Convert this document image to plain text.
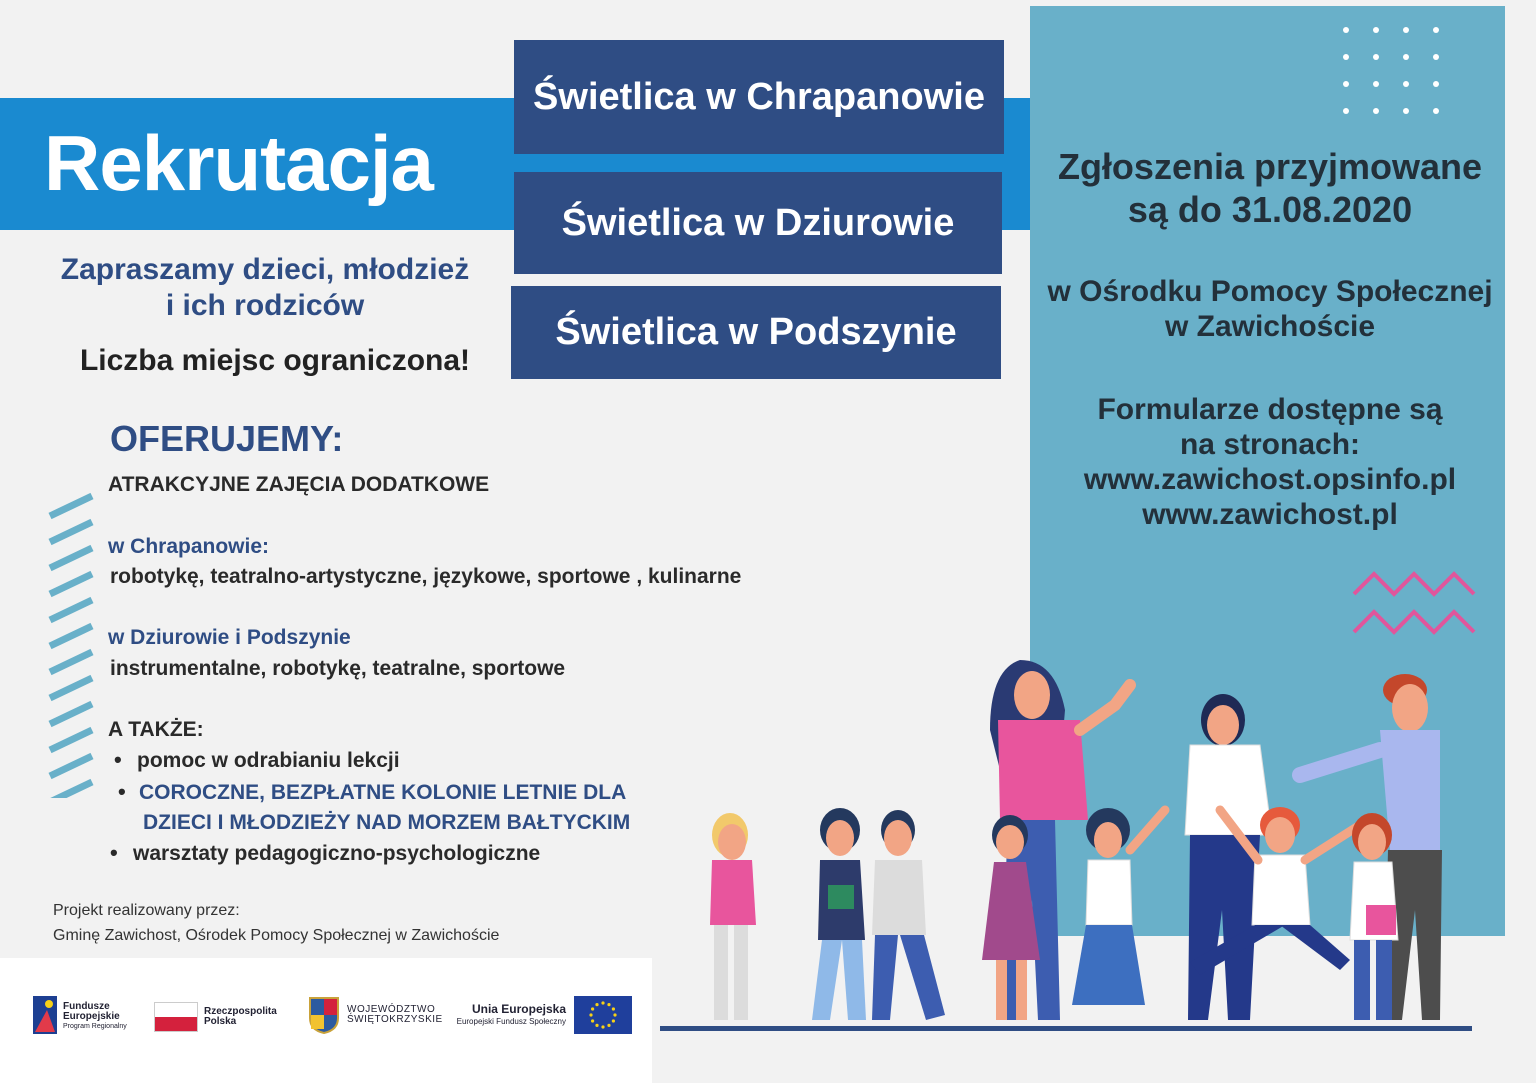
Rekrutacja
Świetlica w Chrapanowie
Świetlica w Dziurowie
Świetlica w Podszynie
Zgłoszenia przyjmowane
są do 31.08.2020
w Ośrodku Pomocy Społecznej
w Zawichoście
Formularze dostępne są
na stronach:
www.zawichost.opsinfo.pl
www.zawichost.pl
Zapraszamy dzieci, młodzież
i ich rodziców
Liczba miejsc ograniczona!
OFERUJEMY:
ATRAKCYJNE ZAJĘCIA DODATKOWE
w Chrapanowie:
robotykę, teatralno-artystyczne, językowe, sportowe , kulinarne
w Dziurowie i Podszynie
instrumentalne, robotykę, teatralne, sportowe
A TAKŻE:
• pomoc w odrabianiu lekcji
• COROCZNE, BEZPŁATNE KOLONIE LETNIE DLA
DZIECI I MŁODZIEŻY NAD MORZEM BAŁTYCKIM
• warsztaty pedagogiczno-psychologiczne
Projekt realizowany przez:
Gminę Zawichost, Ośrodek Pomocy Społecznej w Zawichoście
Fundusze
Europejskie
Program Regionalny
Rzeczpospolita
Polska
WOJEWÓDZTWO
ŚWIĘTOKRZYSKIE
Unia Europejska
Europejski Fundusz Społeczny
